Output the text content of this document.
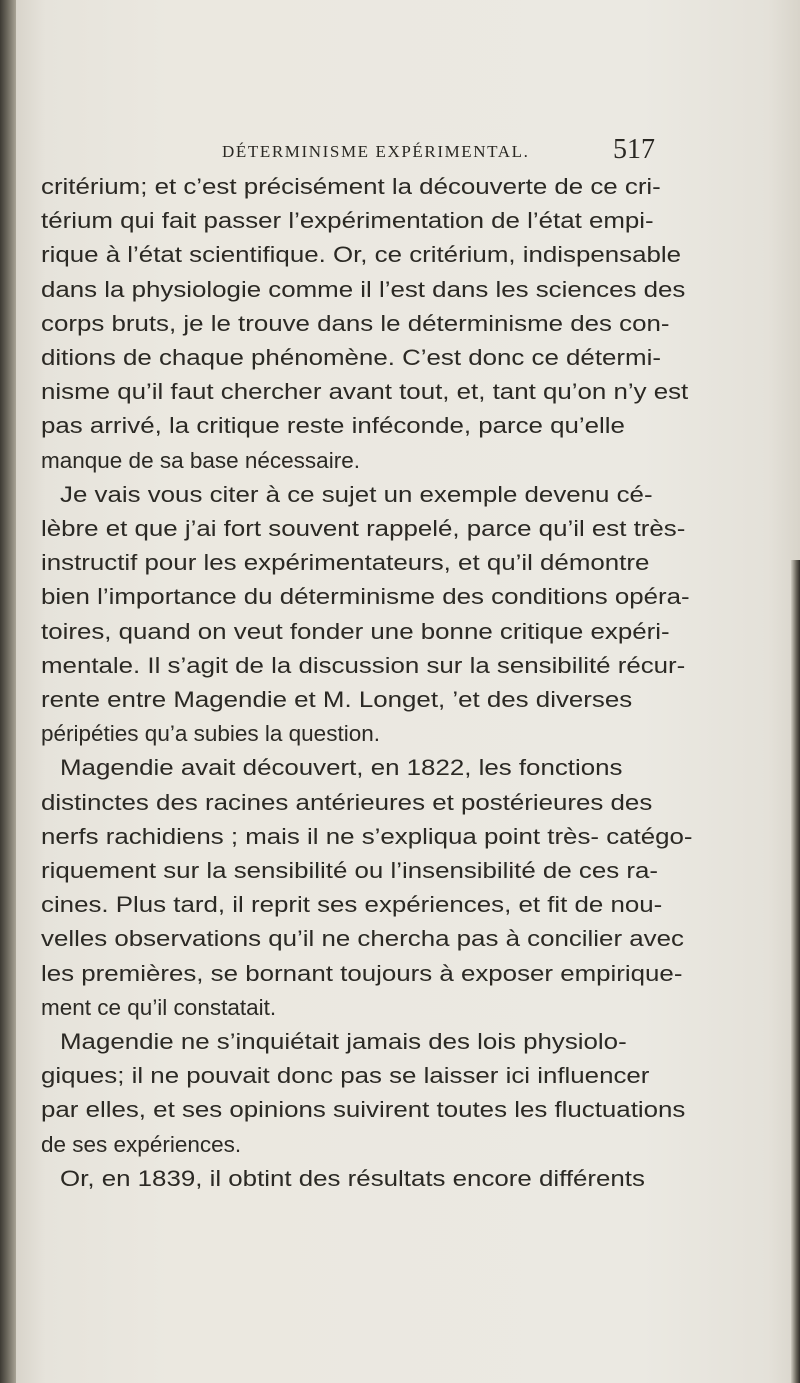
DÉTERMINISME EXPÉRIMENTAL.	517
critérium; et c’est précisément la découverte de ce cri-
térium qui fait passer l’expérimentation de l’état empi-
rique à l’état scientifique. Or, ce critérium, indispensable
dans la physiologie comme il l’est dans les sciences des
corps bruts, je le trouve dans le déterminisme des con-
ditions de chaque phénomène. C’est donc ce détermi-
nisme qu’il faut chercher avant tout, et, tant qu’on n’y est
pas arrivé, la critique reste inféconde, parce qu’elle
manque de sa base nécessaire.
Je vais vous citer à ce sujet un exemple devenu cé-
lèbre et que j’ai fort souvent rappelé, parce qu’il est très-
instructif pour les expérimentateurs, et qu’il démontre
bien l’importance du déterminisme des conditions opéra-
toires, quand on veut fonder une bonne critique expéri-
mentale. Il s’agit de la discussion sur la sensibilité récur-
rente entre Magendie et M. Longet, ’et des diverses
péripéties qu’a subies la question.
Magendie avait découvert, en 1822, les fonctions
distinctes des racines antérieures et postérieures des
nerfs rachidiens ; mais il ne s’expliqua point très- catégo-
riquement sur la sensibilité ou l’insensibilité de ces ra-
cines. Plus tard, il reprit ses expériences, et fit de nou-
velles observations qu’il ne chercha pas à concilier avec
les premières, se bornant toujours à exposer empirique-
ment ce qu’il constatait.
Magendie ne s’inquiétait jamais des lois physiolo-
giques; il ne pouvait donc pas se laisser ici influencer
par elles, et ses opinions suivirent toutes les fluctuations
de ses expériences.
Or, en 1839, il obtint des résultats encore différents
